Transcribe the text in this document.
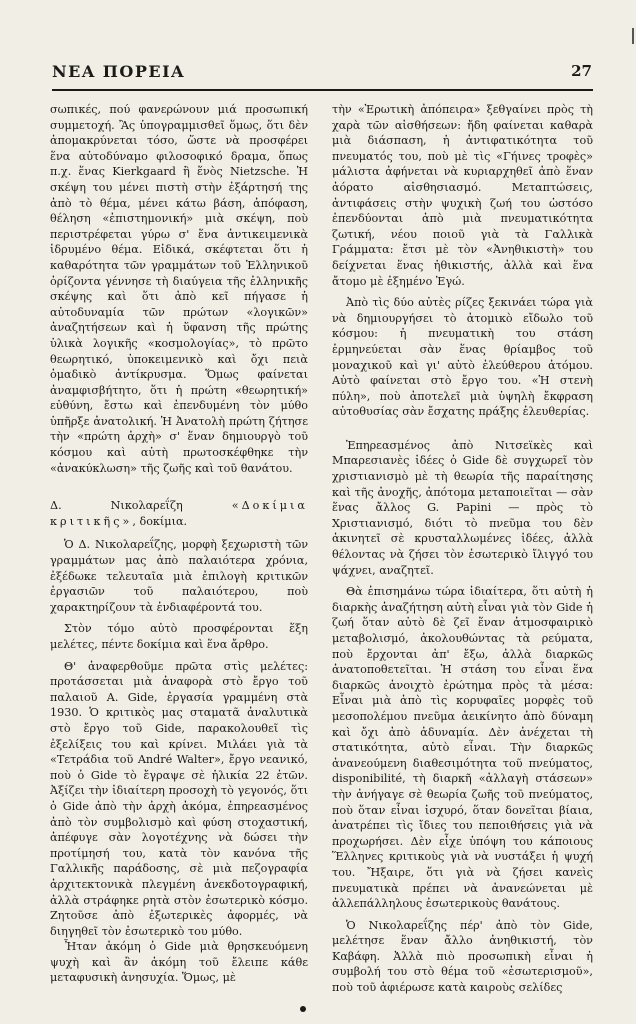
ΝΕΑ ΠΟΡΕΙΑ	27

σωπικές, πού φανερώνουν μιά προσωπική συμμετοχή. Ἂς ὑπογραμμισθεῖ ὅμως, ὅτι δὲν ἀπομακρύνεται τόσο, ὥστε νὰ προσφέρει ἕνα αὐτοδύναμο φιλοσοφικό δραμα, ὅπως π.χ. ἕνας Kierkgaard ἢ ἕνὸς Nietzsche. Ἡ σκέψη του μένει πιστὴ στὴν ἐξάρτησή της ἀπὸ τὸ θέμα, μένει κάτω βάση, ἀπόφαση, θέληση «ἐπιστημονική» μιὰ σκέψη, ποὺ περιστρέφεται γύρω σ' ἕνα ἀντικειμενικὰ ἱδρυμένο θέμα. Εἰδικά, σκέφτεται ὅτι ἡ καθαρότητα τῶν γραμμάτων τοῦ Ἑλληνικοῦ ὁρίζοντα γέννησε τὴ διαύγεια τῆς ἑλληνικῆς σκέψης καὶ ὅτι ἀπὸ κεῖ πήγασε ἡ αὐτοδυναμία τῶν πρώτων «λογικῶν» ἀναζητήσεων καὶ ἡ ὕφανση τῆς πρώτης ὑλικὰ λογικῆς «κοσμολογίας», τὸ πρῶτο θεωρητικό, ὑποκειμενικὸ καὶ ὄχι πειὰ ὁμαδικὸ ἀντίκρυσμα. Ὅμως φαίνεται ἀναμφισβήτητο, ὅτι ἡ πρώτη «θεωρητική» εὐθύνη, ἔστω καὶ ἐπενδυμένη τὸν μύθο ὑπῆρξε ἀνατολική. Ἡ Ἀνατολὴ πρώτη ζήτησε τὴν «πρώτη ἀρχὴ» σ' ἕναν δημιουργὸ τοῦ κόσμου καὶ αὐτὴ πρωτοσκέφθηκε τὴν «ἀνακύκλωση» τῆς ζωῆς καὶ τοῦ θανάτου.

Δ. Νικολαρεΐζη	«Δοκίμια κριτικῆς», δοκίμια.

Ὁ Δ. Νικολαρεΐζης, μορφὴ ξεχωριστὴ τῶν γραμμάτων μας ἀπὸ παλαιότερα χρόνια, ἐξέδωκε τελευταῖα μιὰ ἐπιλογὴ κριτικῶν ἐργασιῶν τοῦ παλαιότερου, ποὺ χαρακτηρίζουν τὰ ἐνδιαφέροντά του.

Στὸν τόμο αὐτὸ προσφέρονται ἕξη μελέτες, πέντε δοκίμια καὶ ἕνα ἄρθρο.

Θ' ἀναφερθοῦμε πρῶτα στὶς μελέτες: προτάσσεται μιὰ ἀναφορὰ στὸ ἔργο τοῦ παλαιοῦ A. Gide, ἐργασία γραμμένη στὰ 1930. Ὁ κριτικὸς μας σταματᾶ ἀναλυτικὰ στὸ ἔργο τοῦ Gide, παρακολουθεῖ τὶς ἐξελίξεις του καὶ κρίνει. Μιλάει γιὰ τὰ «Τετράδια τοῦ André Walter», ἔργο νεανικό, ποὺ ὁ Gide τὸ ἔγραψε σὲ ἡλικία 22 ἐτῶν. Ἀξίζει τὴν ἰδιαίτερη προσοχὴ τὸ γεγονός, ὅτι ὁ Gide ἀπὸ τὴν ἀρχὴ ἀκόμα, ἐπηρεασμένος ἀπὸ τὸν συμβολισμὸ καὶ φύση στοχαστική, ἀπέφυγε σὰν λογοτέχνης νὰ δώσει τὴν προτίμησή του, κατὰ τὸν κανόνα τῆς Γαλλικῆς παράδοσης, σὲ μιὰ πεζογραφία ἀρχιτεκτονικὰ πλεγμένη ἀνεκδοτογραφική, ἀλλὰ στράφηκε ρητὰ στὸν ἐσωτερικὸ κόσμο. Ζητοῦσε ἀπὸ ἐξωτερικὲς ἀφορμές, νὰ διηγηθεῖ τὸν ἐσωτερικὸ του μύθο.

Ἦταν ἀκόμη ὁ Gide μιὰ θρησκευόμενη ψυχὴ καὶ ἂν ἀκόμη τοῦ ἔλειπε κάθε μεταφυσικὴ ἀνησυχία. Ὅμως, μὲ

τὴν «Ἐρωτικὴ ἀπόπειρα» ξεθγαίνει πρὸς τὴ χαρὰ τῶν αἰσθήσεων: ἤδη φαίνεται καθαρὰ μιὰ διάσπαση, ἡ ἀντιφατικότητα τοῦ πνευματός του, ποὺ μὲ τὶς «Γήινες τροφὲς» μάλιστα ἀφήνεται νὰ κυριαρχηθεῖ ἀπὸ ἕναν ἀόρατο αἰσθησιασμό. Μεταπτώσεις, ἀντιφάσεις στὴν ψυχικὴ ζωή του ὡστόσο ἐπενδύονται ἀπὸ μιὰ πνευματικότητα ζωτική, νέου ποιοῦ γιὰ τὰ Γαλλικὰ Γράμματα: ἔτσι μὲ τὸν «Ἀνηθικιστὴ» του δείχνεται ἕνας ἠθικιστής, ἀλλὰ καὶ ἕνα ἄτομο μὲ ἐξημένο Ἐγώ.

Ἀπὸ τὶς δύο αὐτὲς ρίζες ξεκινάει τώρα γιὰ νὰ δημιουργήσει τὸ ἀτομικὸ εἴδωλο τοῦ κόσμου: ἡ πνευματικὴ του στάση ἑρμηνεύεται σὰν ἕνας θρίαμβος τοῦ μοναχικοῦ καὶ γι' αὐτὸ ἐλεύθερου ἀτόμου. Αὐτὸ φαίνεται στὸ ἔργο του. «Ἡ στενὴ πύλη», ποὺ ἀποτελεῖ μιὰ ὑψηλὴ ἔκφραση αὐτοθυσίας σὰν ἔσχατης πράξης ἐλευθερίας.

Ἐπηρεασμένος ἀπὸ Νιτσεϊκὲς καὶ Μπαρεσιανὲς ἰδέες ὁ Gide δὲ συγχωρεῖ τὸν χριστιανισμὸ μὲ τὴ θεωρία τῆς παραίτησης καὶ τῆς ἀνοχῆς, ἀπότομα μεταποιεῖται — σὰν ἕνας ἄλλος G. Papini — πρὸς τὸ Χριστιανισμό, διότι τὸ πνεῦμα του δὲν ἀκινητεῖ σὲ κρυσταλλωμένες ἰδέες, ἀλλὰ θέλοντας νὰ ζήσει τὸν ἐσωτερικὸ ἴλιγγό του ψάχνει, αναζητεῖ.

Θὰ ἐπισημάνω τώρα ἰδιαίτερα, ὅτι αὐτὴ ἡ διαρκὴς ἀναζήτηση αὐτὴ εἶναι γιὰ τὸν Gide ἡ ζωή ὅταν αὐτὸ δὲ ζεῖ ἕναν ἀτμοσφαιρικὸ μεταβολισμό, ἀκολουθώντας τὰ ρεύματα, ποὺ ἔρχονται ἀπ' ἔξω, ἀλλὰ διαρκῶς ἀνατοποθετεῖται. Ἡ στάση του εἶναι ἕνα διαρκῶς ἀνοιχτὸ ἐρώτημα πρὸς τὰ μέσα: Εἶναι μιὰ ἀπὸ τὶς κορυφαῖες μορφὲς τοῦ μεσοπολέμου πνεῦμα ἀεικίνητο ἀπὸ δύναμη καὶ ὄχι ἀπὸ ἀδυναμία. Δὲν ἀνέχεται τὴ στατικότητα, αὐτὸ εἶναι. Τὴν διαρκῶς ἀνανεούμενη διαθεσιμότητα τοῦ πνεύματος, disponibilité, τὴ διαρκῆ «ἀλλαγὴ στάσεων» τὴν ἀνήγαγε σὲ θεωρία ζωῆς τοῦ πνεύματος, ποὺ ὅταν εἶναι ἰσχυρό, ὅταν δονεῖται βίαια, ἀνατρέπει τὶς ἴδιες του πεποιθήσεις γιὰ νὰ προχωρήσει. Δὲν εἶχε ὑπόψη του κάποιους Ἕλληνες κριτικοὺς γιὰ νὰ νυστάξει ἡ ψυχή του. Ἤξαιρε, ὅτι γιὰ νὰ ζήσει κανεὶς πνευματικὰ πρέπει νὰ ἀνανεώνεται μὲ ἀλλεπάλληλους ἐσωτερικοὺς θανάτους.

Ὁ Νικολαρεΐζης πέρ' ἀπὸ τὸν Gide, μελέτησε ἕναν ἄλλο ἀνηθικιστή, τὸν Καβάφη. Ἀλλὰ πιὸ προσωπικὴ εἶναι ἡ συμβολή του στὸ θέμα τοῦ «ἐσωτερισμοῦ», ποὺ τοῦ ἀφιέρωσε κατὰ καιροὺς σελίδες
